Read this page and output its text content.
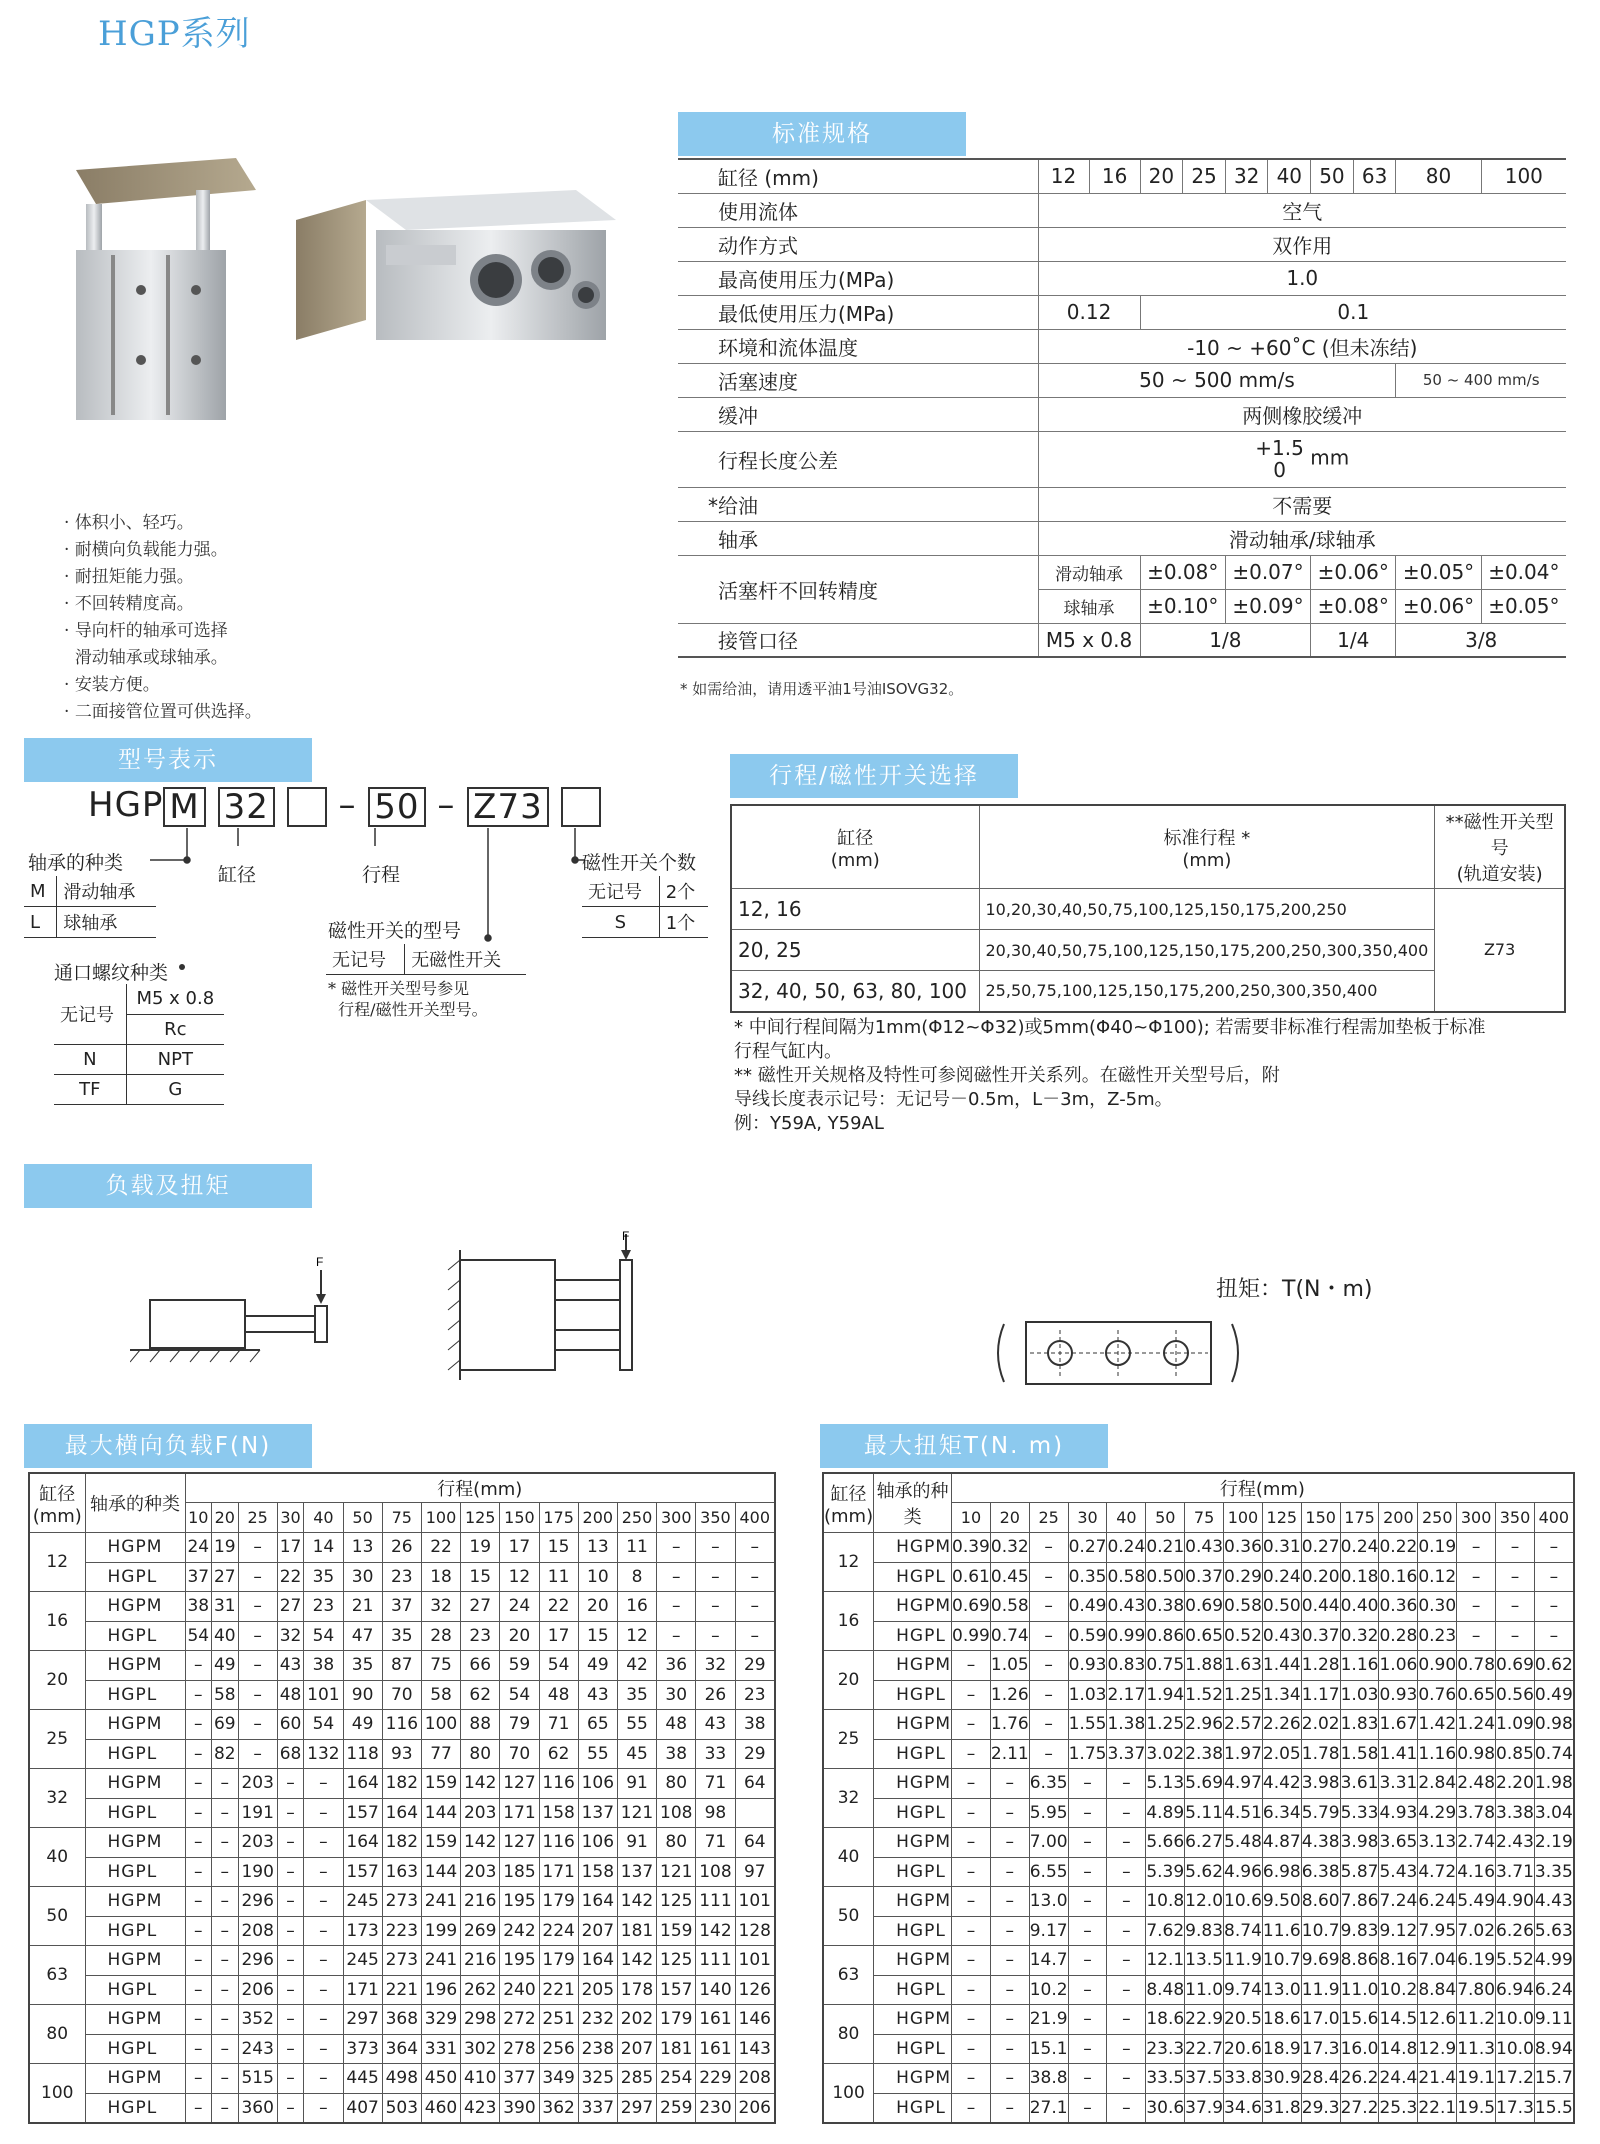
HGP系列
· 体积小、轻巧。
· 耐横向负载能力强。
· 耐扭矩能力强。
· 不回转精度高。
· 导向杆的轴承可选择
滑动轴承或球轴承。
· 安装方便。
· 二面接管位置可供选择。
标准规格
缸径 (mm)	12	16	20	25	32	40	50	63	80	100
使用流体	空气									
动作方式	双作用									
最高使用压力(MPa)	1.0									
最低使用压力(MPa)	0.12		0.1							
环境和流体温度	-10 ~ +60˚C (但未冻结)									
活塞速度	50 ~ 500 mm/s								50 ~ 400 mm/s	
缓冲	两侧橡胶缓冲									
行程长度公差	+1.5
0 mm									
*给油	不需要									
轴承	滑动轴承/球轴承									
活塞杆不回转精度	滑动轴承		±0.08°		±0.07°		±0.06°		±0.05°	±0.04°
	球轴承		±0.10°		±0.09°		±0.08°		±0.06°	±0.05°
接管口径	M5 x 0.8		1/8				1/4		3/8	
* 如需给油，请用透平油1号油ISOVG32。
型号表示
HGP M 32  – 50 – Z73
轴承的种类
缸径	行程
磁性开关个数
M	滑动轴承
L	球轴承
无记号	2个
S	1个
磁性开关的型号
无记号	无磁性开关
* 磁性开关型号参见
行程/磁性开关型号。
通口螺纹种类
无记号	M5 x 0.8
	Rc
N	NPT
TF	G
行程/磁性开关选择
缸径
(mm)	标准行程 *
(mm)	**磁性开关型号
(轨道安装)
12, 16	10,20,30,40,50,75,100,125,150,175,200,250	Z73
20, 25	20,30,40,50,75,100,125,150,175,200,250,300,350,400	
32, 40, 50, 63, 80, 100	25,50,75,100,125,150,175,200,250,300,350,400	
* 中间行程间隔为1mm(Φ12~Φ32)或5mm(Φ40~Φ100); 若需要非标准行程需加垫板于标准
行程气缸内。
** 磁性开关规格及特性可参阅磁性开关系列。在磁性开关型号后，附
导线长度表示记号：无记号－0.5m，L－3m，Z-5m。
例：Y59A, Y59AL
负载及扭矩
F
F
扭矩：T(N・m)
最大横向负载F(N)
缸径
(mm)	轴承的种类	行程(mm)															
		10	20	25	30	40	50	75	100	125	150	175	200	250	300	350	400
12	HGPM	24	19	–	17	14	13	26	22	19	17	15	13	11	–	–	–
	HGPL	37	27	–	22	35	30	23	18	15	12	11	10	8	–	–	–
16	HGPM	38	31	–	27	23	21	37	32	27	24	22	20	16	–	–	–
	HGPL	54	40	–	32	54	47	35	28	23	20	17	15	12	–	–	–
20	HGPM	–	49	–	43	38	35	87	75	66	59	54	49	42	36	32	29
	HGPL	–	58	–	48	101	90	70	58	62	54	48	43	35	30	26	23
25	HGPM	–	69	–	60	54	49	116	100	88	79	71	65	55	48	43	38
	HGPL	–	82	–	68	132	118	93	77	80	70	62	55	45	38	33	29
32	HGPM	–	–	203	–	–	164	182	159	142	127	116	106	91	80	71	64
	HGPL	–	–	191	–	–	157	164	144	203	171	158	137	121	108	98	
40	HGPM	–	–	203	–	–	164	182	159	142	127	116	106	91	80	71	64
	HGPL	–	–	190	–	–	157	163	144	203	185	171	158	137	121	108	97
50	HGPM	–	–	296	–	–	245	273	241	216	195	179	164	142	125	111	101
	HGPL	–	–	208	–	–	173	223	199	269	242	224	207	181	159	142	128
63	HGPM	–	–	296	–	–	245	273	241	216	195	179	164	142	125	111	101
	HGPL	–	–	206	–	–	171	221	196	262	240	221	205	178	157	140	126
80	HGPM	–	–	352	–	–	297	368	329	298	272	251	232	202	179	161	146
	HGPL	–	–	243	–	–	373	364	331	302	278	256	238	207	181	161	143
100	HGPM	–	–	515	–	–	445	498	450	410	377	349	325	285	254	229	208
	HGPL	–	–	360	–	–	407	503	460	423	390	362	337	297	259	230	206
最大扭矩T(N. m)
缸径
(mm)	轴承的种类	行程(mm)															
		10	20	25	30	40	50	75	100	125	150	175	200	250	300	350	400
12	HGPM	0.39	0.32	–	0.27	0.24	0.21	0.43	0.36	0.31	0.27	0.24	0.22	0.19	–	–	–
	HGPL	0.61	0.45	–	0.35	0.58	0.50	0.37	0.29	0.24	0.20	0.18	0.16	0.12	–	–	–
16	HGPM	0.69	0.58	–	0.49	0.43	0.38	0.69	0.58	0.50	0.44	0.40	0.36	0.30	–	–	–
	HGPL	0.99	0.74	–	0.59	0.99	0.86	0.65	0.52	0.43	0.37	0.32	0.28	0.23	–	–	–
20	HGPM	–	1.05	–	0.93	0.83	0.75	1.88	1.63	1.44	1.28	1.16	1.06	0.90	0.78	0.69	0.62
	HGPL	–	1.26	–	1.03	2.17	1.94	1.52	1.25	1.34	1.17	1.03	0.93	0.76	0.65	0.56	0.49
25	HGPM	–	1.76	–	1.55	1.38	1.25	2.96	2.57	2.26	2.02	1.83	1.67	1.42	1.24	1.09	0.98
	HGPL	–	2.11	–	1.75	3.37	3.02	2.38	1.97	2.05	1.78	1.58	1.41	1.16	0.98	0.85	0.74
32	HGPM	–	–	6.35	–	–	5.13	5.69	4.97	4.42	3.98	3.61	3.31	2.84	2.48	2.20	1.98
	HGPL	–	–	5.95	–	–	4.89	5.11	4.51	6.34	5.79	5.33	4.93	4.29	3.78	3.38	3.04
40	HGPM	–	–	7.00	–	–	5.66	6.27	5.48	4.87	4.38	3.98	3.65	3.13	2.74	2.43	2.19
	HGPL	–	–	6.55	–	–	5.39	5.62	4.96	6.98	6.38	5.87	5.43	4.72	4.16	3.71	3.35
50	HGPM	–	–	13.0	–	–	10.8	12.0	10.6	9.50	8.60	7.86	7.24	6.24	5.49	4.90	4.43
	HGPL	–	–	9.17	–	–	7.62	9.83	8.74	11.6	10.7	9.83	9.12	7.95	7.02	6.26	5.63
63	HGPM	–	–	14.7	–	–	12.1	13.5	11.9	10.7	9.69	8.86	8.16	7.04	6.19	5.52	4.99
	HGPL	–	–	10.2	–	–	8.48	11.0	9.74	13.0	11.9	11.0	10.2	8.84	7.80	6.94	6.24
80	HGPM	–	–	21.9	–	–	18.6	22.9	20.5	18.6	17.0	15.6	14.5	12.6	11.2	10.0	9.11
	HGPL	–	–	15.1	–	–	23.3	22.7	20.6	18.9	17.3	16.0	14.8	12.9	11.3	10.0	8.94
100	HGPM	–	–	38.8	–	–	33.5	37.5	33.8	30.9	28.4	26.2	24.4	21.4	19.1	17.2	15.7
	HGPL	–	–	27.1	–	–	30.6	37.9	34.6	31.8	29.3	27.2	25.3	22.1	19.5	17.3	15.5
